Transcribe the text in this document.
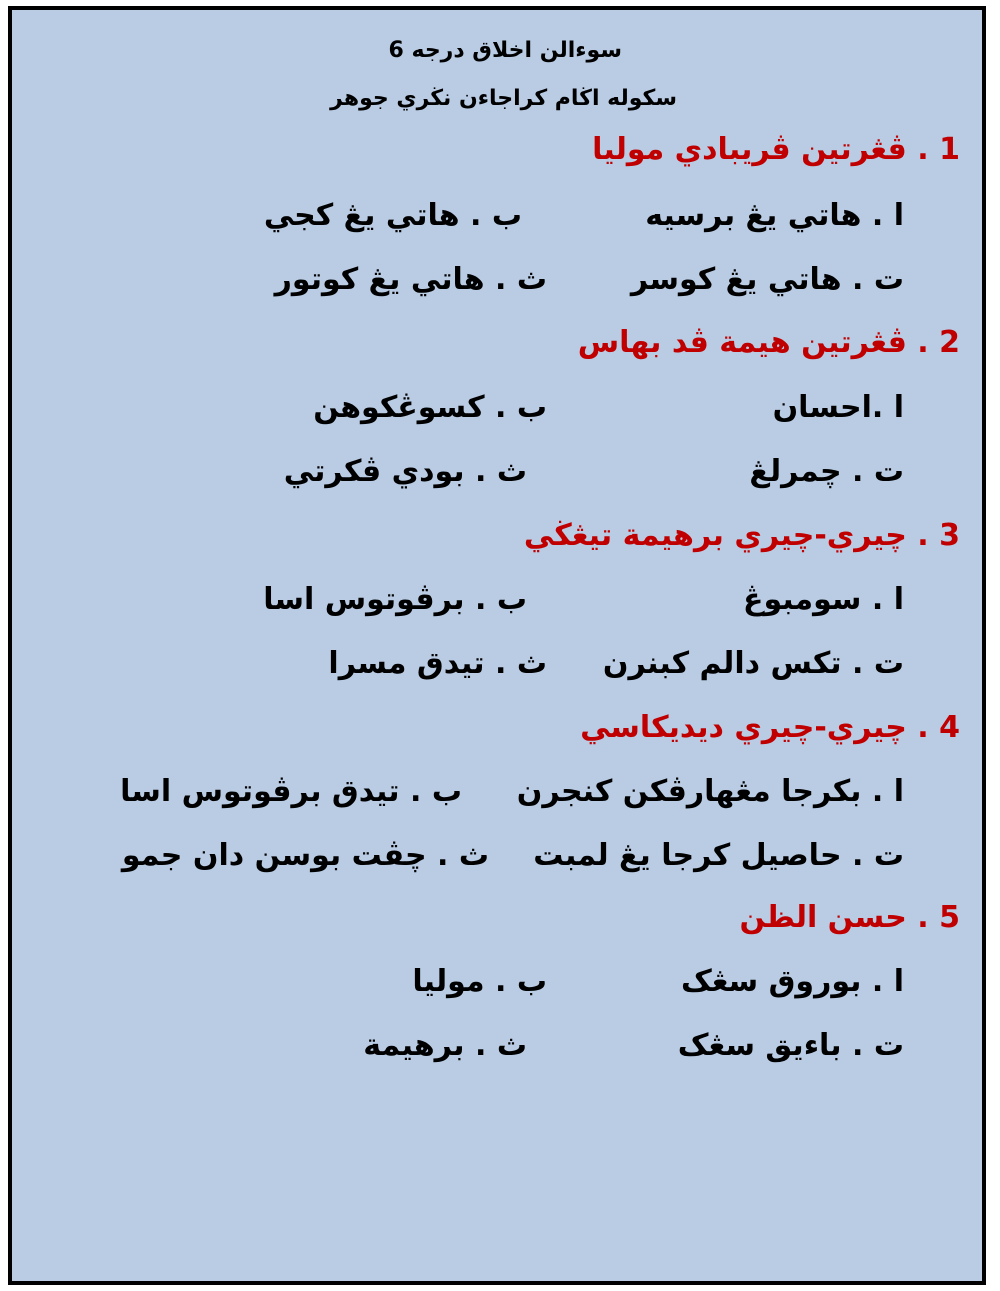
سوءالن اخلاق درجه 6
سکوله اڬام کراجاءن نڬري جوهر
1 . ڤڠرتين ڤريبادي موليا
ا . هاتي يڠ برسيه
ب . هاتي يڠ کجي
ت . هاتي يڠ کوسر
ث . هاتي يڠ کوتور
2 . ڤڠرتين هيمة ڤد بهاس
ا .احسان
ب . کسوڠکوهن
ت . چمرلڠ
ث . بودي ڤکرتي
3 . چيري-چيري برهيمة تيڠڬي
ا . سومبوڠ
ب . برڤوتوس اسا
ت . تکس دالم کبنرن
ث . تيدق مسرا
4 . چيري-چيري ديديکاسي
ا . بکرجا مڠهارڤکن کنجرن
ب . تيدق برڤوتوس اسا
ت . حاصيل کرجا يڠ لمبت
ث . چڤت بوسن دان جمو
5 . حسن الظن
ا . بوروق سڠک
ب . موليا
ت . باءيق سڠک
ث . برهيمة
